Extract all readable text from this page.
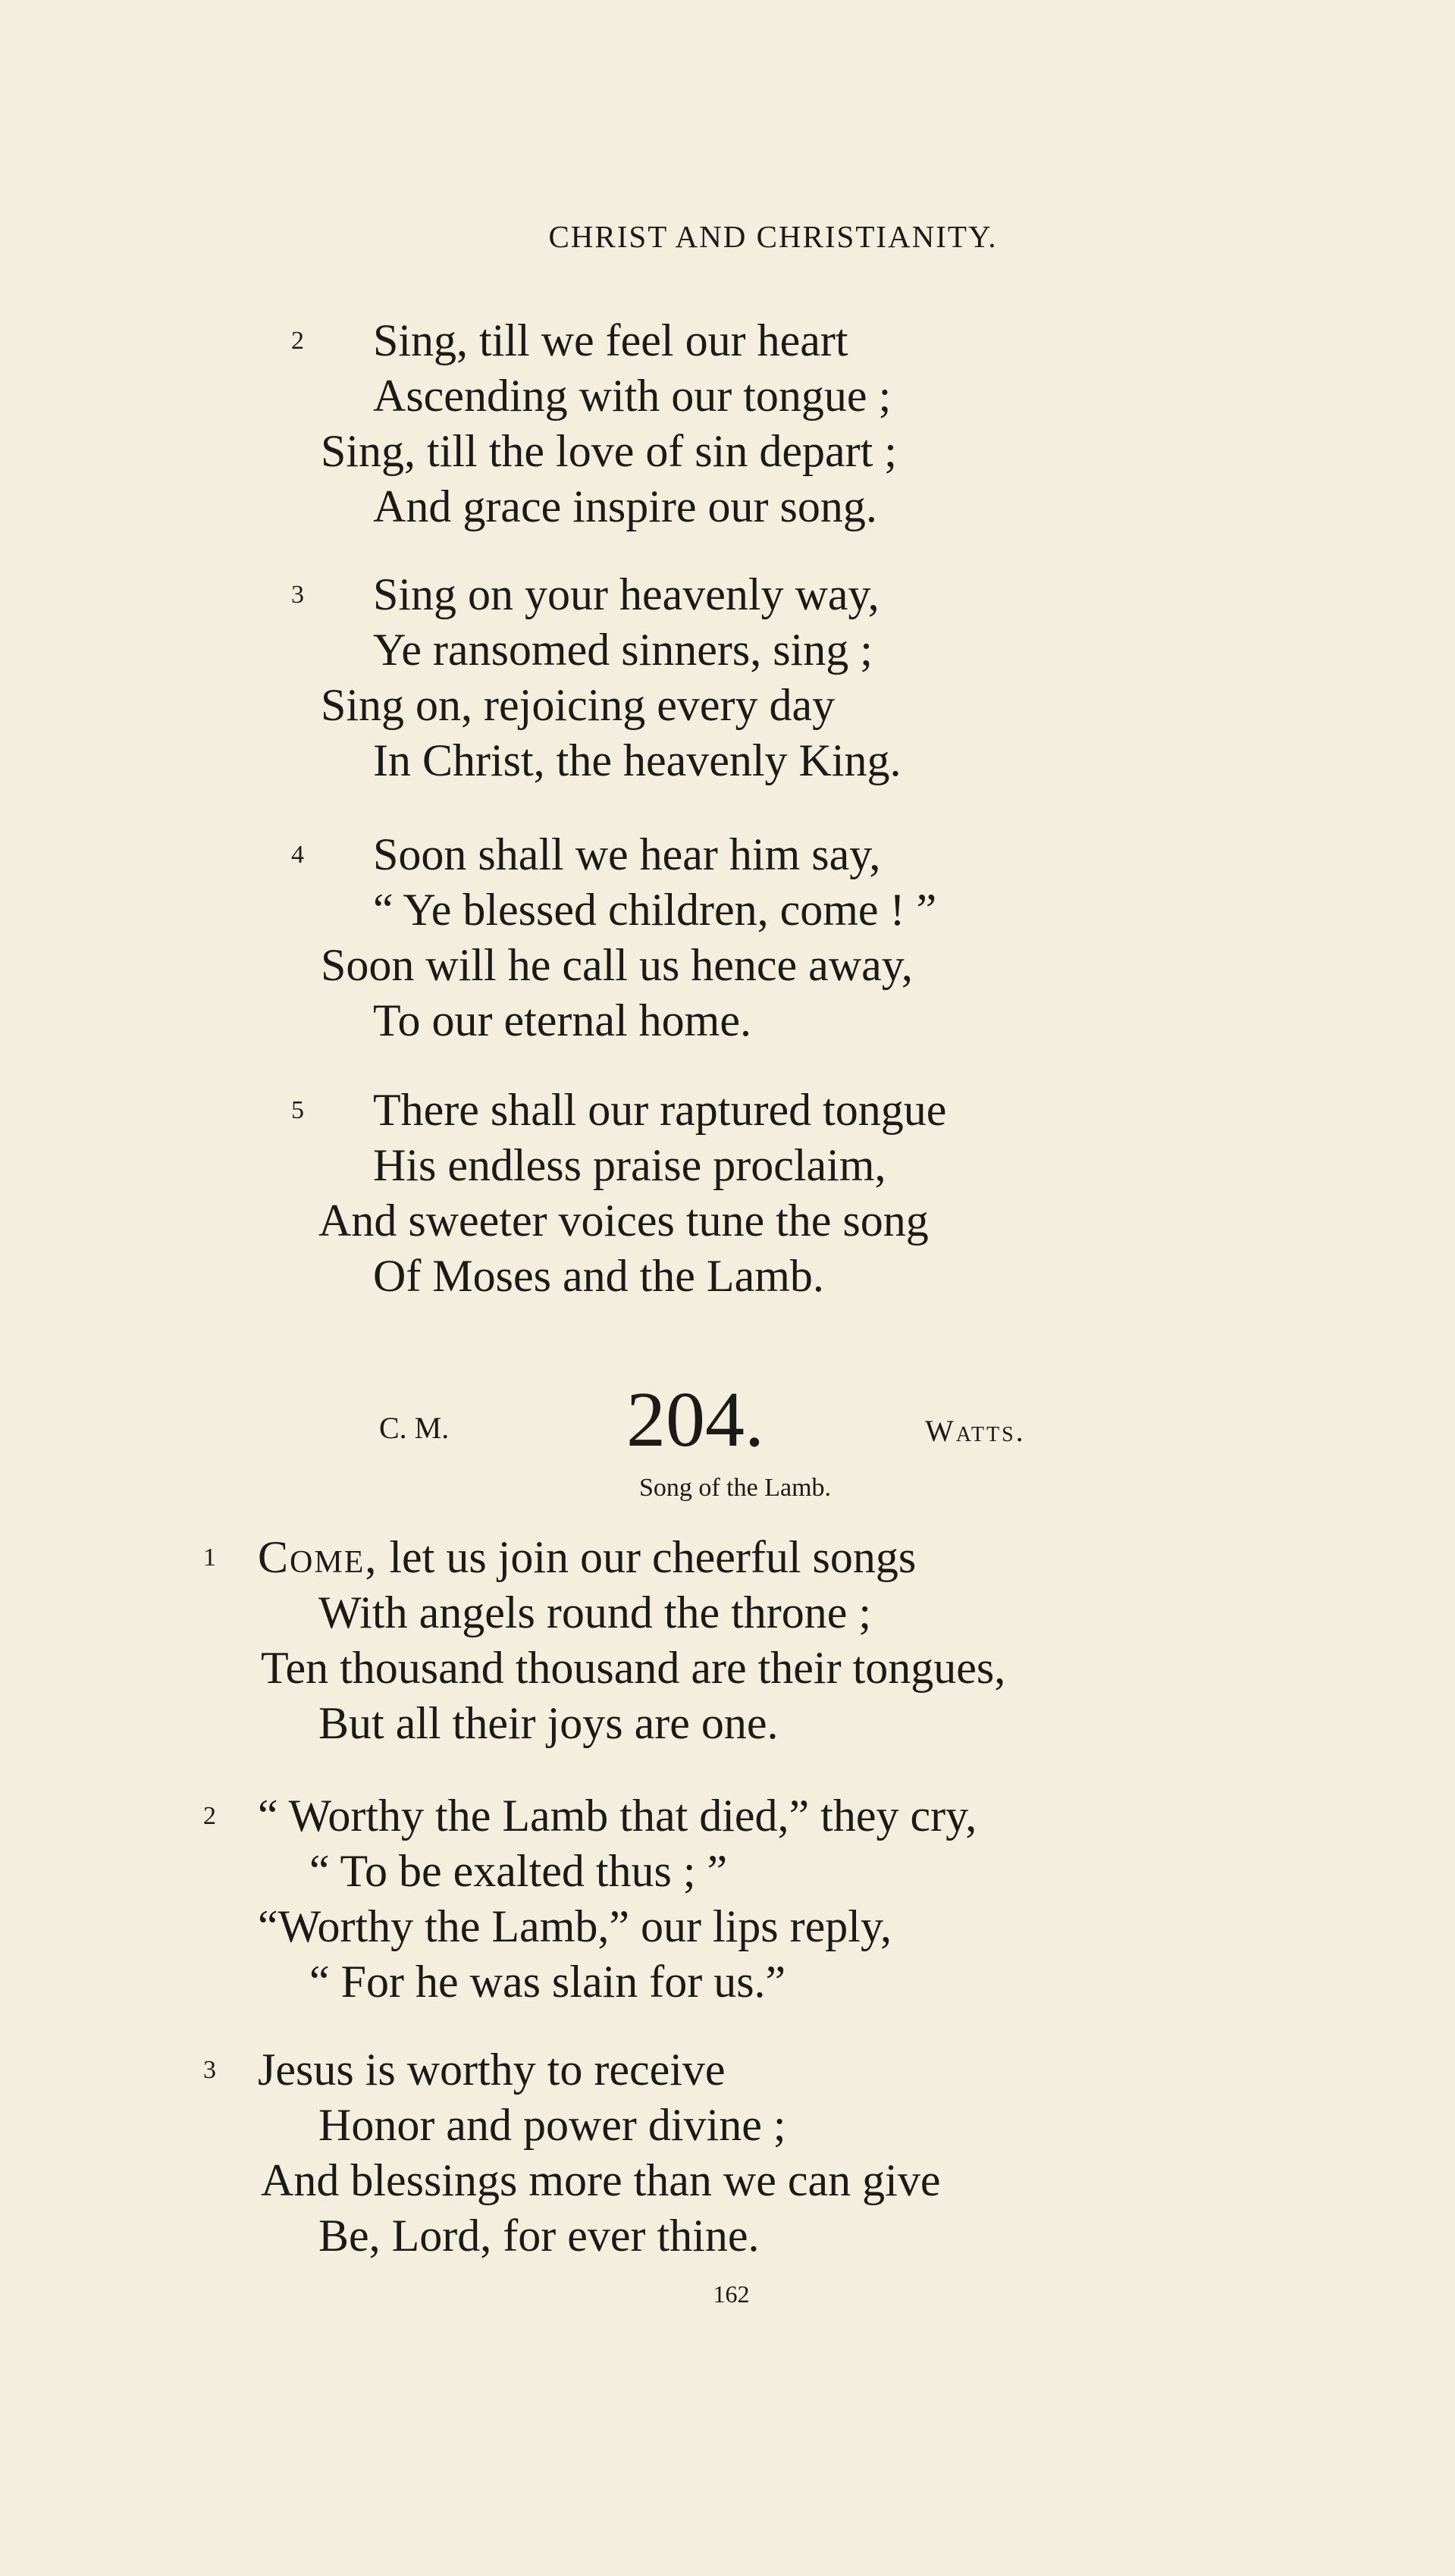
CHRIST AND CHRISTIANITY.
2	Sing, till we feel our heart
Ascending with our tongue ;
Sing, till the love of sin depart ;
And grace inspire our song.
3	Sing on your heavenly way,
Ye ransomed sinners, sing ;
Sing on, rejoicing every day
In Christ, the heavenly King.
4	Soon shall we hear him say,
“ Ye blessed children, come ! ”
Soon will he call us hence away,
To our eternal home.
5	There shall our raptured tongue
His endless praise proclaim,
And sweeter voices tune the song
Of Moses and the Lamb.
C. M. 204.	Watts.
Song of the Lamb.
1 Come, let us join our cheerful songs
With angels round the throne ;
Ten thousand thousand are their tongues,
But all their joys are one.
2 “ Worthy the Lamb that died,” they cry,
“ To be exalted thus ; ”
“Worthy the Lamb,” our lips reply,
“ For he was slain for us.”
3 Jesus is worthy to receive
Honor and power divine ;
And blessings more than we can give
Be, Lord, for ever thine.
162
